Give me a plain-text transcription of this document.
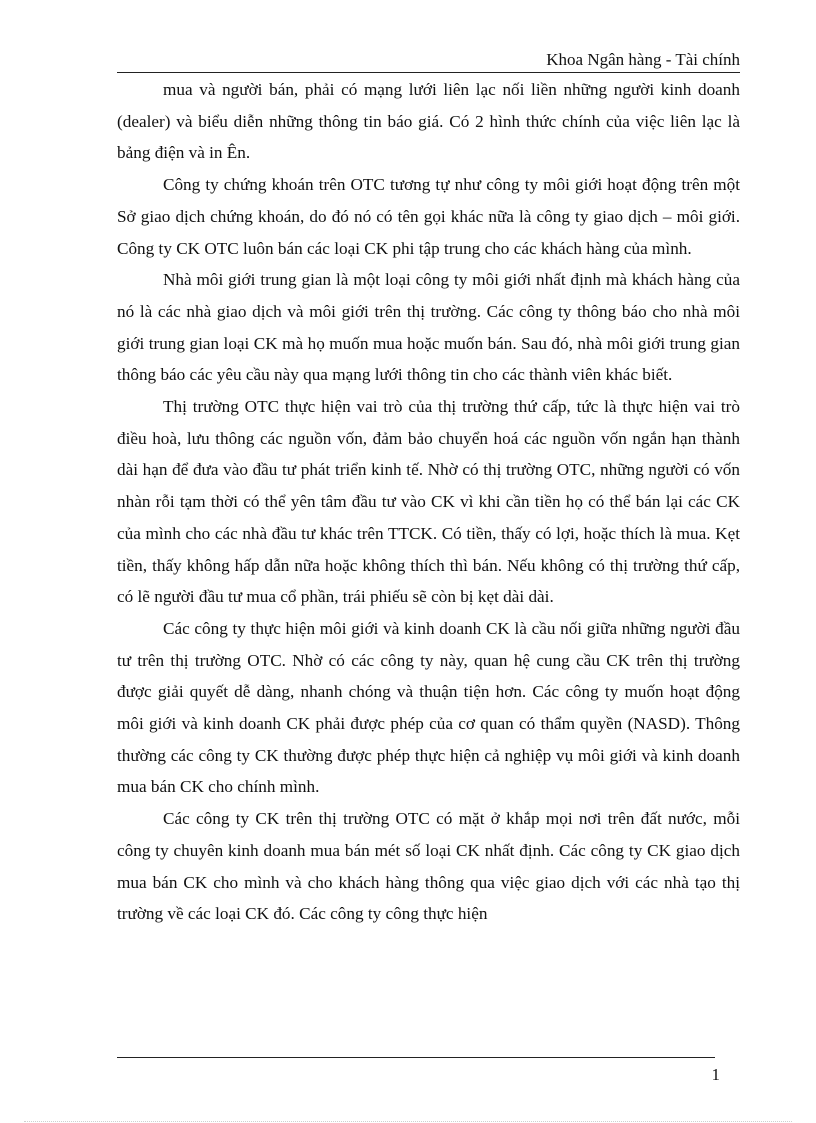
Khoa Ngân hàng - Tài chính

mua và người bán, phải có mạng lưới liên lạc nối liền những người kinh doanh (dealer) và biểu diễn những thông tin báo giá. Có 2 hình thức chính của việc liên lạc là bảng điện và in Ên.

Công ty chứng khoán trên OTC tương tự như công ty môi giới hoạt động trên một Sở giao dịch chứng khoán, do đó nó có tên gọi khác nữa là công ty giao dịch – môi giới. Công ty CK OTC luôn bán các loại CK phi tập trung cho các khách hàng của mình.

Nhà môi giới trung gian là một loại công ty môi giới nhất định mà khách hàng của nó là các nhà giao dịch và môi giới trên thị trường. Các công ty thông báo cho nhà môi giới trung gian loại CK mà họ muốn mua hoặc muốn bán. Sau đó, nhà môi giới trung gian thông báo các yêu cầu này qua mạng lưới thông tin cho các thành viên khác biết.

Thị trường OTC thực hiện vai trò của thị trường thứ cấp, tức là thực hiện vai trò điều hoà, lưu thông các nguồn vốn, đảm bảo chuyển hoá các nguồn vốn ngắn hạn thành dài hạn để đưa vào đầu tư phát triển kinh tế. Nhờ có thị trường OTC, những người có vốn nhàn rỗi tạm thời có thể yên tâm đầu tư vào CK vì khi cần tiền họ có thể bán lại các CK của mình cho các nhà đầu tư khác trên TTCK. Có tiền, thấy có lợi, hoặc thích là mua. Kẹt tiền, thấy không hấp dẫn nữa hoặc không thích thì bán. Nếu không có thị trường thứ cấp, có lẽ người đầu tư mua cổ phần, trái phiếu sẽ còn bị kẹt dài dài.

Các công ty thực hiện môi giới và kinh doanh CK là cầu nối giữa những người đầu tư trên thị trường OTC. Nhờ có các công ty này, quan hệ cung cầu CK trên thị trường được giải quyết dễ dàng, nhanh chóng và thuận tiện hơn. Các công ty muốn hoạt động môi giới và kinh doanh CK phải được phép của cơ quan có thẩm quyền (NASD). Thông thường các công ty CK thường được phép thực hiện cả nghiệp vụ môi giới và kinh doanh mua bán CK cho chính mình.

Các công ty CK trên thị trường OTC có mặt ở khắp mọi nơi trên đất nước, mỗi công ty chuyên kinh doanh mua bán mét số loại CK nhất định. Các công ty CK giao dịch mua bán CK cho mình và cho khách hàng thông qua việc giao dịch với các nhà tạo thị trường về các loại CK đó. Các công ty công thực hiện

1
